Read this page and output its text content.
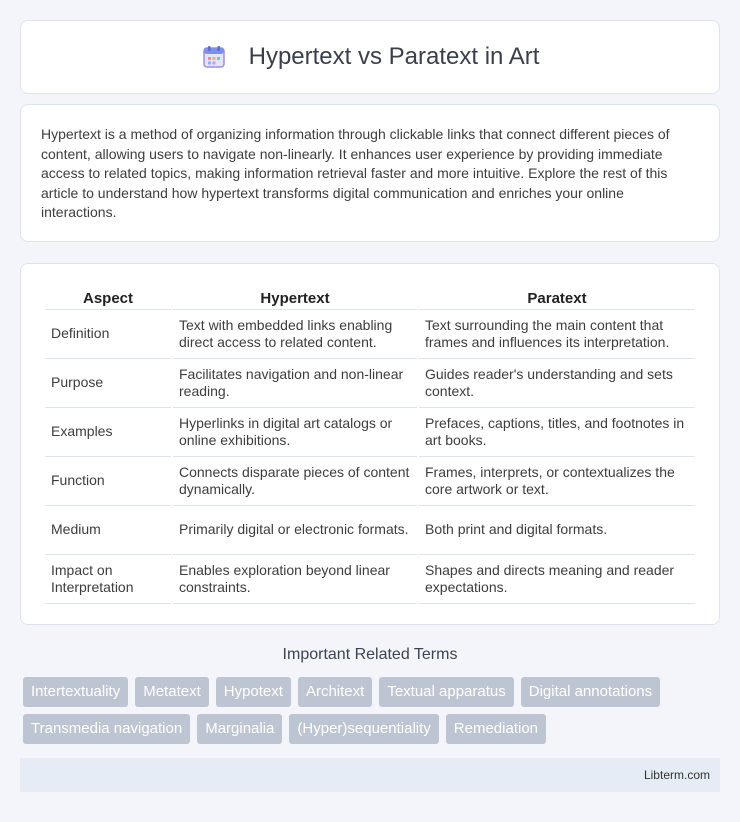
Hypertext vs Paratext in Art

Hypertext is a method of organizing information through clickable links that connect different pieces of content, allowing users to navigate non-linearly. It enhances user experience by providing immediate access to related topics, making information retrieval faster and more intuitive. Explore the rest of this article to understand how hypertext transforms digital communication and enriches your online interactions.

Aspect	Hypertext	Paratext
Definition	Text with embedded links enabling direct access to related content.	Text surrounding the main content that frames and influences its interpretation.
Purpose	Facilitates navigation and non-linear reading.	Guides reader's understanding and sets context.
Examples	Hyperlinks in digital art catalogs or online exhibitions.	Prefaces, captions, titles, and footnotes in art books.
Function	Connects disparate pieces of content dynamically.	Frames, interprets, or contextualizes the core artwork or text.
Medium	Primarily digital or electronic formats.	Both print and digital formats.
Impact on Interpretation	Enables exploration beyond linear constraints.	Shapes and directs meaning and reader expectations.
Important Related Terms
Intertextuality	Metatext	Hypotext	Architext	Textual apparatus	Digital annotations
Transmedia navigation	Marginalia	(Hyper)sequentiality	Remediation
Libterm.com
